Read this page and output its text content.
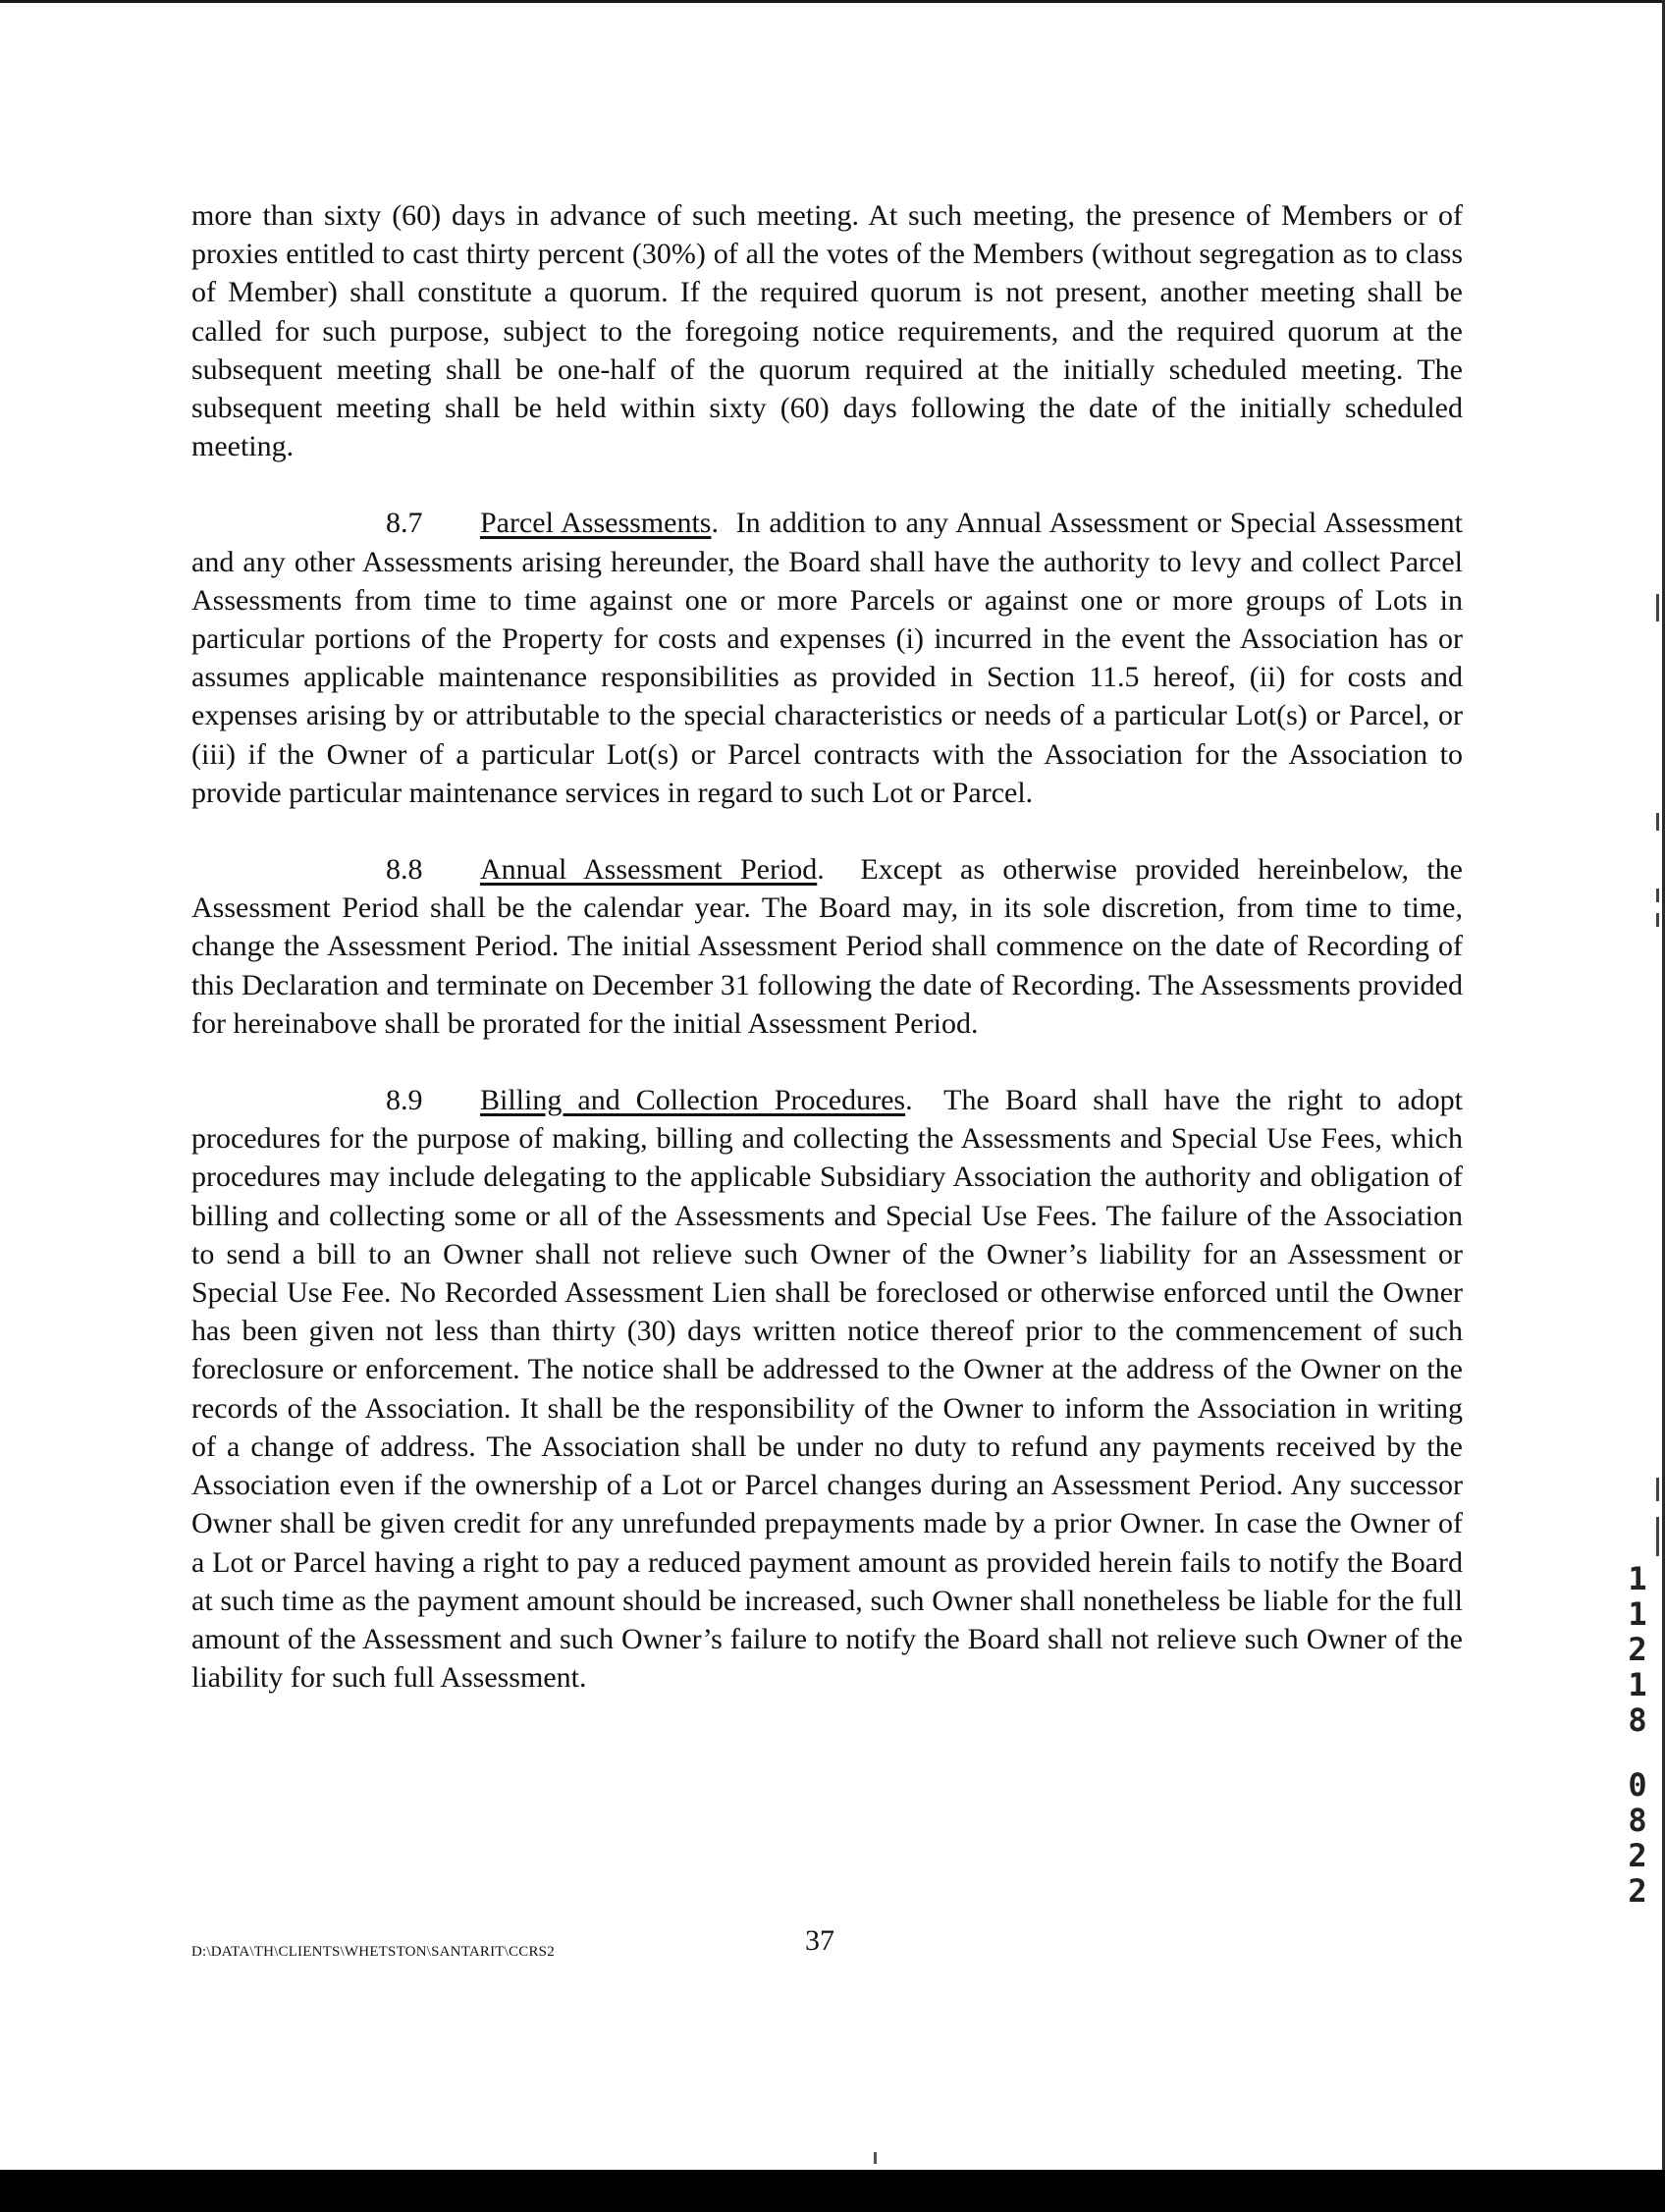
more than sixty (60) days in advance of such meeting. At such meeting, the presence of Members or of proxies entitled to cast thirty percent (30%) of all the votes of the Members (without segregation as to class of Member) shall constitute a quorum. If the required quorum is not present, another meeting shall be called for such purpose, subject to the foregoing notice requirements, and the required quorum at the subsequent meeting shall be one-half of the quorum required at the initially scheduled meeting. The subsequent meeting shall be held within sixty (60) days following the date of the initially scheduled meeting.

8.7 Parcel Assessments.  In addition to any Annual Assessment or Special Assessment and any other Assessments arising hereunder, the Board shall have the authority to levy and collect Parcel Assessments from time to time against one or more Parcels or against one or more groups of Lots in particular portions of the Property for costs and expenses (i) incurred in the event the Association has or assumes applicable maintenance responsibilities as provided in Section 11.5 hereof, (ii) for costs and expenses arising by or attributable to the special characteristics or needs of a particular Lot(s) or Parcel, or (iii) if the Owner of a particular Lot(s) or Parcel contracts with the Association for the Association to provide particular maintenance services in regard to such Lot or Parcel.

8.8 Annual Assessment Period.  Except as otherwise provided hereinbelow, the Assessment Period shall be the calendar year. The Board may, in its sole discretion, from time to time, change the Assessment Period. The initial Assessment Period shall commence on the date of Recording of this Declaration and terminate on December 31 following the date of Recording. The Assessments provided for hereinabove shall be prorated for the initial Assessment Period.

8.9 Billing and Collection Procedures.  The Board shall have the right to adopt procedures for the purpose of making, billing and collecting the Assessments and Special Use Fees, which procedures may include delegating to the applicable Subsidiary Association the authority and obligation of billing and collecting some or all of the Assessments and Special Use Fees. The failure of the Association to send a bill to an Owner shall not relieve such Owner of the Owner’s liability for an Assessment or Special Use Fee. No Recorded Assessment Lien shall be foreclosed or otherwise enforced until the Owner has been given not less than thirty (30) days written notice thereof prior to the commencement of such foreclosure or enforcement. The notice shall be addressed to the Owner at the address of the Owner on the records of the Association. It shall be the responsibility of the Owner to inform the Association in writing of a change of address. The Association shall be under no duty to refund any payments received by the Association even if the ownership of a Lot or Parcel changes during an Assessment Period. Any successor Owner shall be given credit for any unrefunded prepayments made by a prior Owner. In case the Owner of a Lot or Parcel having a right to pay a reduced payment amount as provided herein fails to notify the Board at such time as the payment amount should be increased, such Owner shall nonetheless be liable for the full amount of the Assessment and such Owner’s failure to notify the Board shall not relieve such Owner of the liability for such full Assessment.

D:\DATA\TH\CLIENTS\WHETSTON\SANTARIT\CCRS2	37
1
1
2
1
8
0
8
2
2
